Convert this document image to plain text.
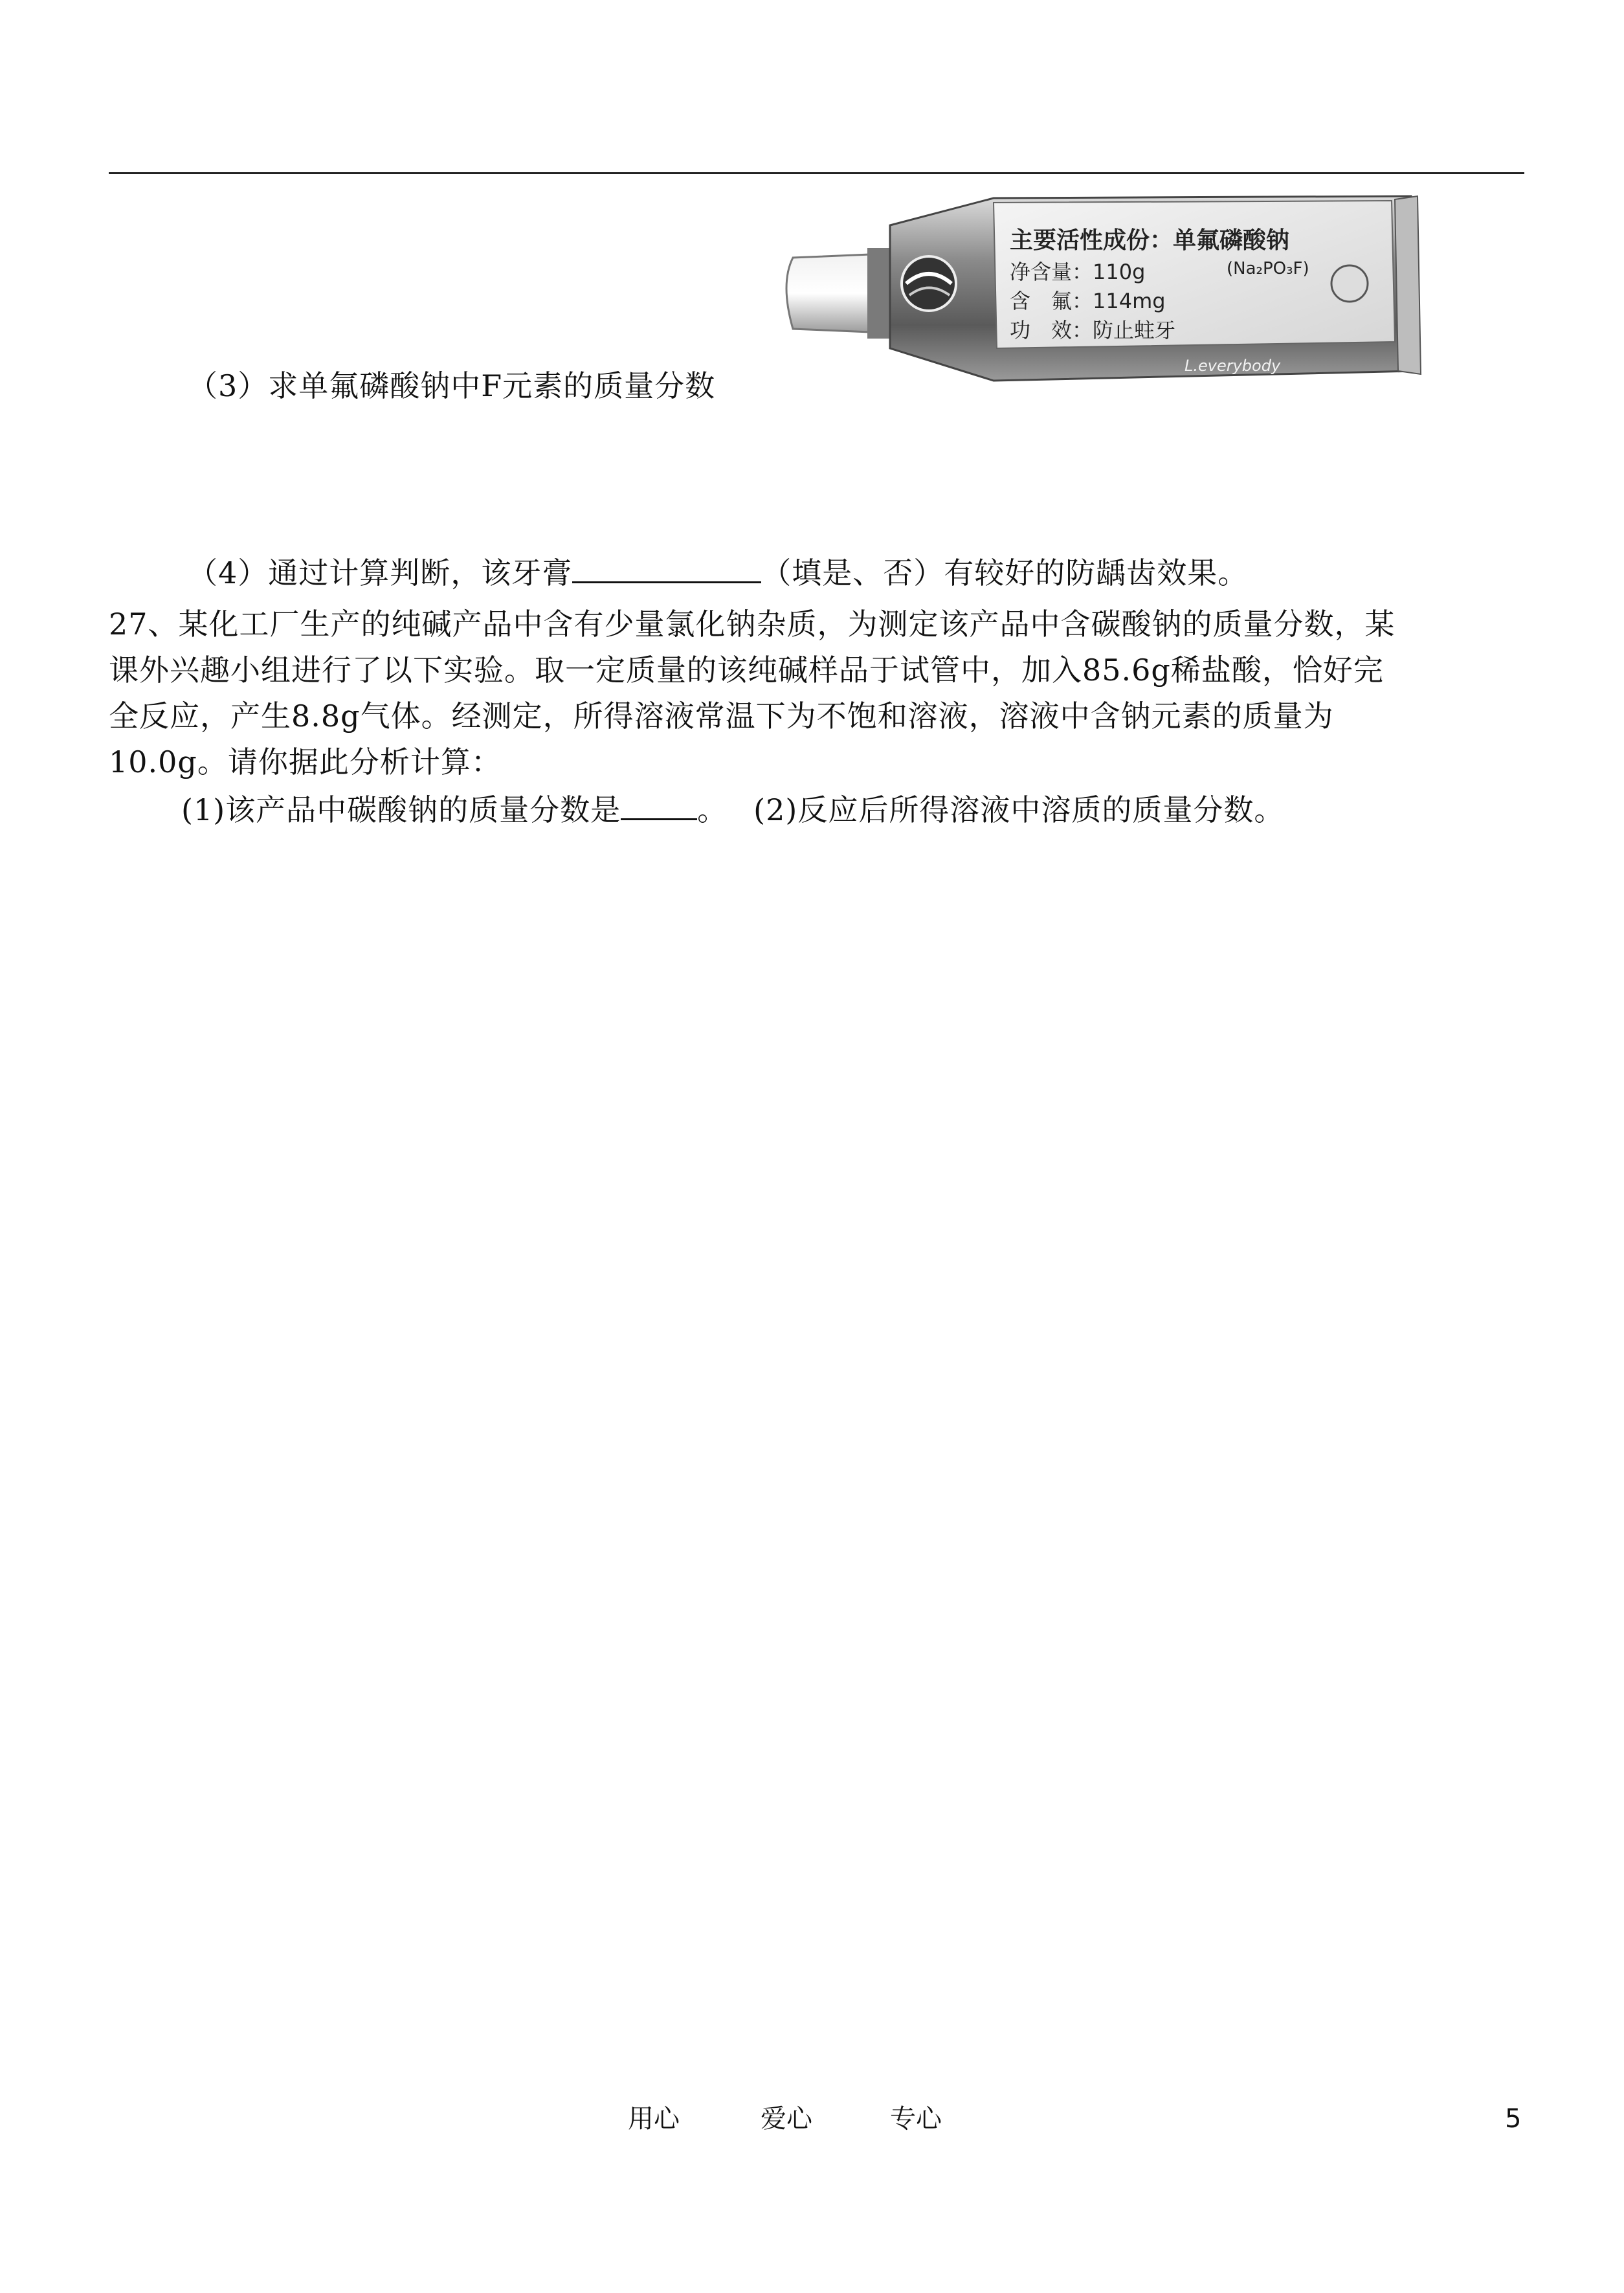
主要活性成份：单氟磷酸钠
净含量：110g	(Na₂PO₃F)
含　氟：114mg
功　效：防止蛀牙
L.everybody
（3）求单氟磷酸钠中F元素的质量分数
（4）通过计算判断，该牙膏	（填是、否）有较好的防龋齿效果。
27、某化工厂生产的纯碱产品中含有少量氯化钠杂质，为测定该产品中含碳酸钠的质量分数，某
课外兴趣小组进行了以下实验。取一定质量的该纯碱样品于试管中，加入85.6g稀盐酸，恰好完
全反应，产生8.8g气体。经测定，所得溶液常温下为不饱和溶液，溶液中含钠元素的质量为
10.0g。请你据此分析计算：
(1)该产品中碳酸钠的质量分数是	。 (2)反应后所得溶液中溶质的质量分数。
用心	爱心	专心	5
